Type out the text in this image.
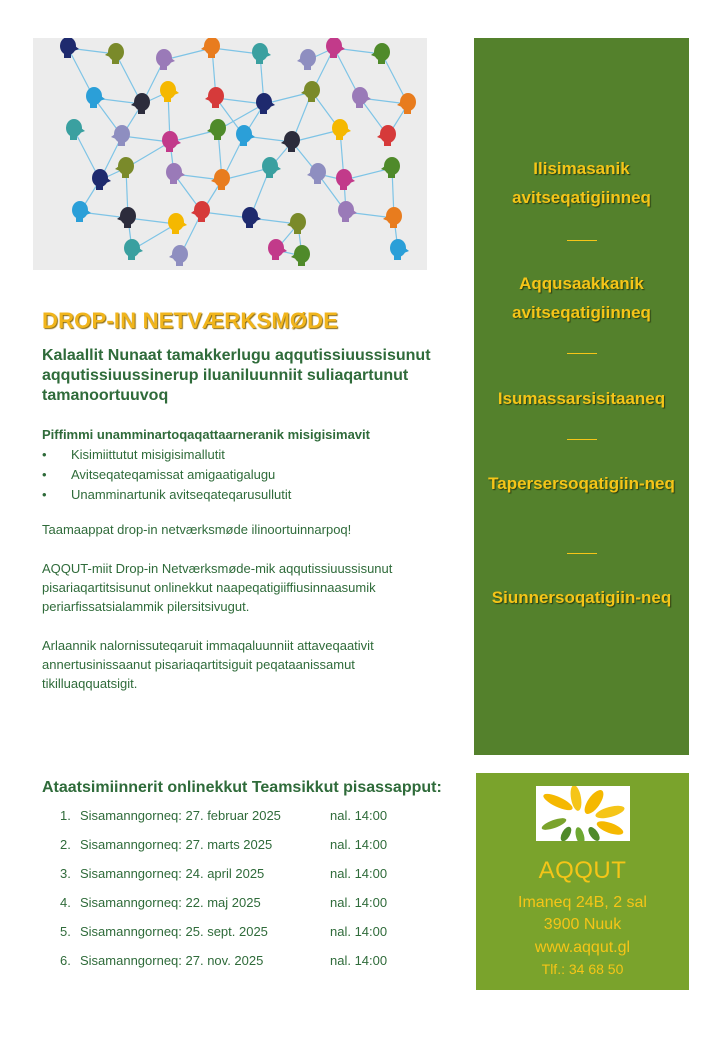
DROP-IN NETVÆRKSMØDE

Kalaallit Nunaat tamakkerlugu aqqutissiuussisunut aqqutissiuussinerup iluaniluunniit suliaqartunut tamanoortuuvoq

Piffimmi unamminartoqaqattaarneranik misigisimavit

• Kisimiittutut misigisimallutit
• Avitseqateqamissat amigaatigalugu
• Unamminartunik avitseqateqarusullutit

Taamaappat drop-in netværksmøde ilinoortuinnarpoq!

AQQUT-miit Drop-in Netværksmøde-mik aqqutissiuussisunut pisariaqartitsisunut onlinekkut naapeqatigiiffiusinnaasumik periarfissatsialammik pilersitsivugut.

Arlaannik nalornissuteqaruit immaqaluunniit attaveqaativit annertusinissaanut pisariaqartitsiguit peqataanissamut tikilluaqquatsigit.

Ilisimasanik avitseqatigiinneq
Aqqusaakkanik avitseqatigiinneq
Isumassarsisitaaneq
Tapersersoqatigiin-neq
Siunnersoqatigiin-neq

Ataatsimiinnerit onlinekkut Teamsikkut pisassapput:

1. Sisamanngorneq: 27. februar 2025	nal. 14:00
2. Sisamanngorneq: 27. marts 2025	nal. 14:00
3. Sisamanngorneq: 24. april 2025	nal. 14:00
4. Sisamanngorneq: 22. maj 2025	nal. 14:00
5. Sisamanngorneq: 25. sept. 2025	nal. 14:00
6. Sisamanngorneq: 27. nov. 2025	nal. 14:00
AQQUT
Imaneq 24B, 2 sal
3900 Nuuk
www.aqqut.gl
Tlf.: 34 68 50
